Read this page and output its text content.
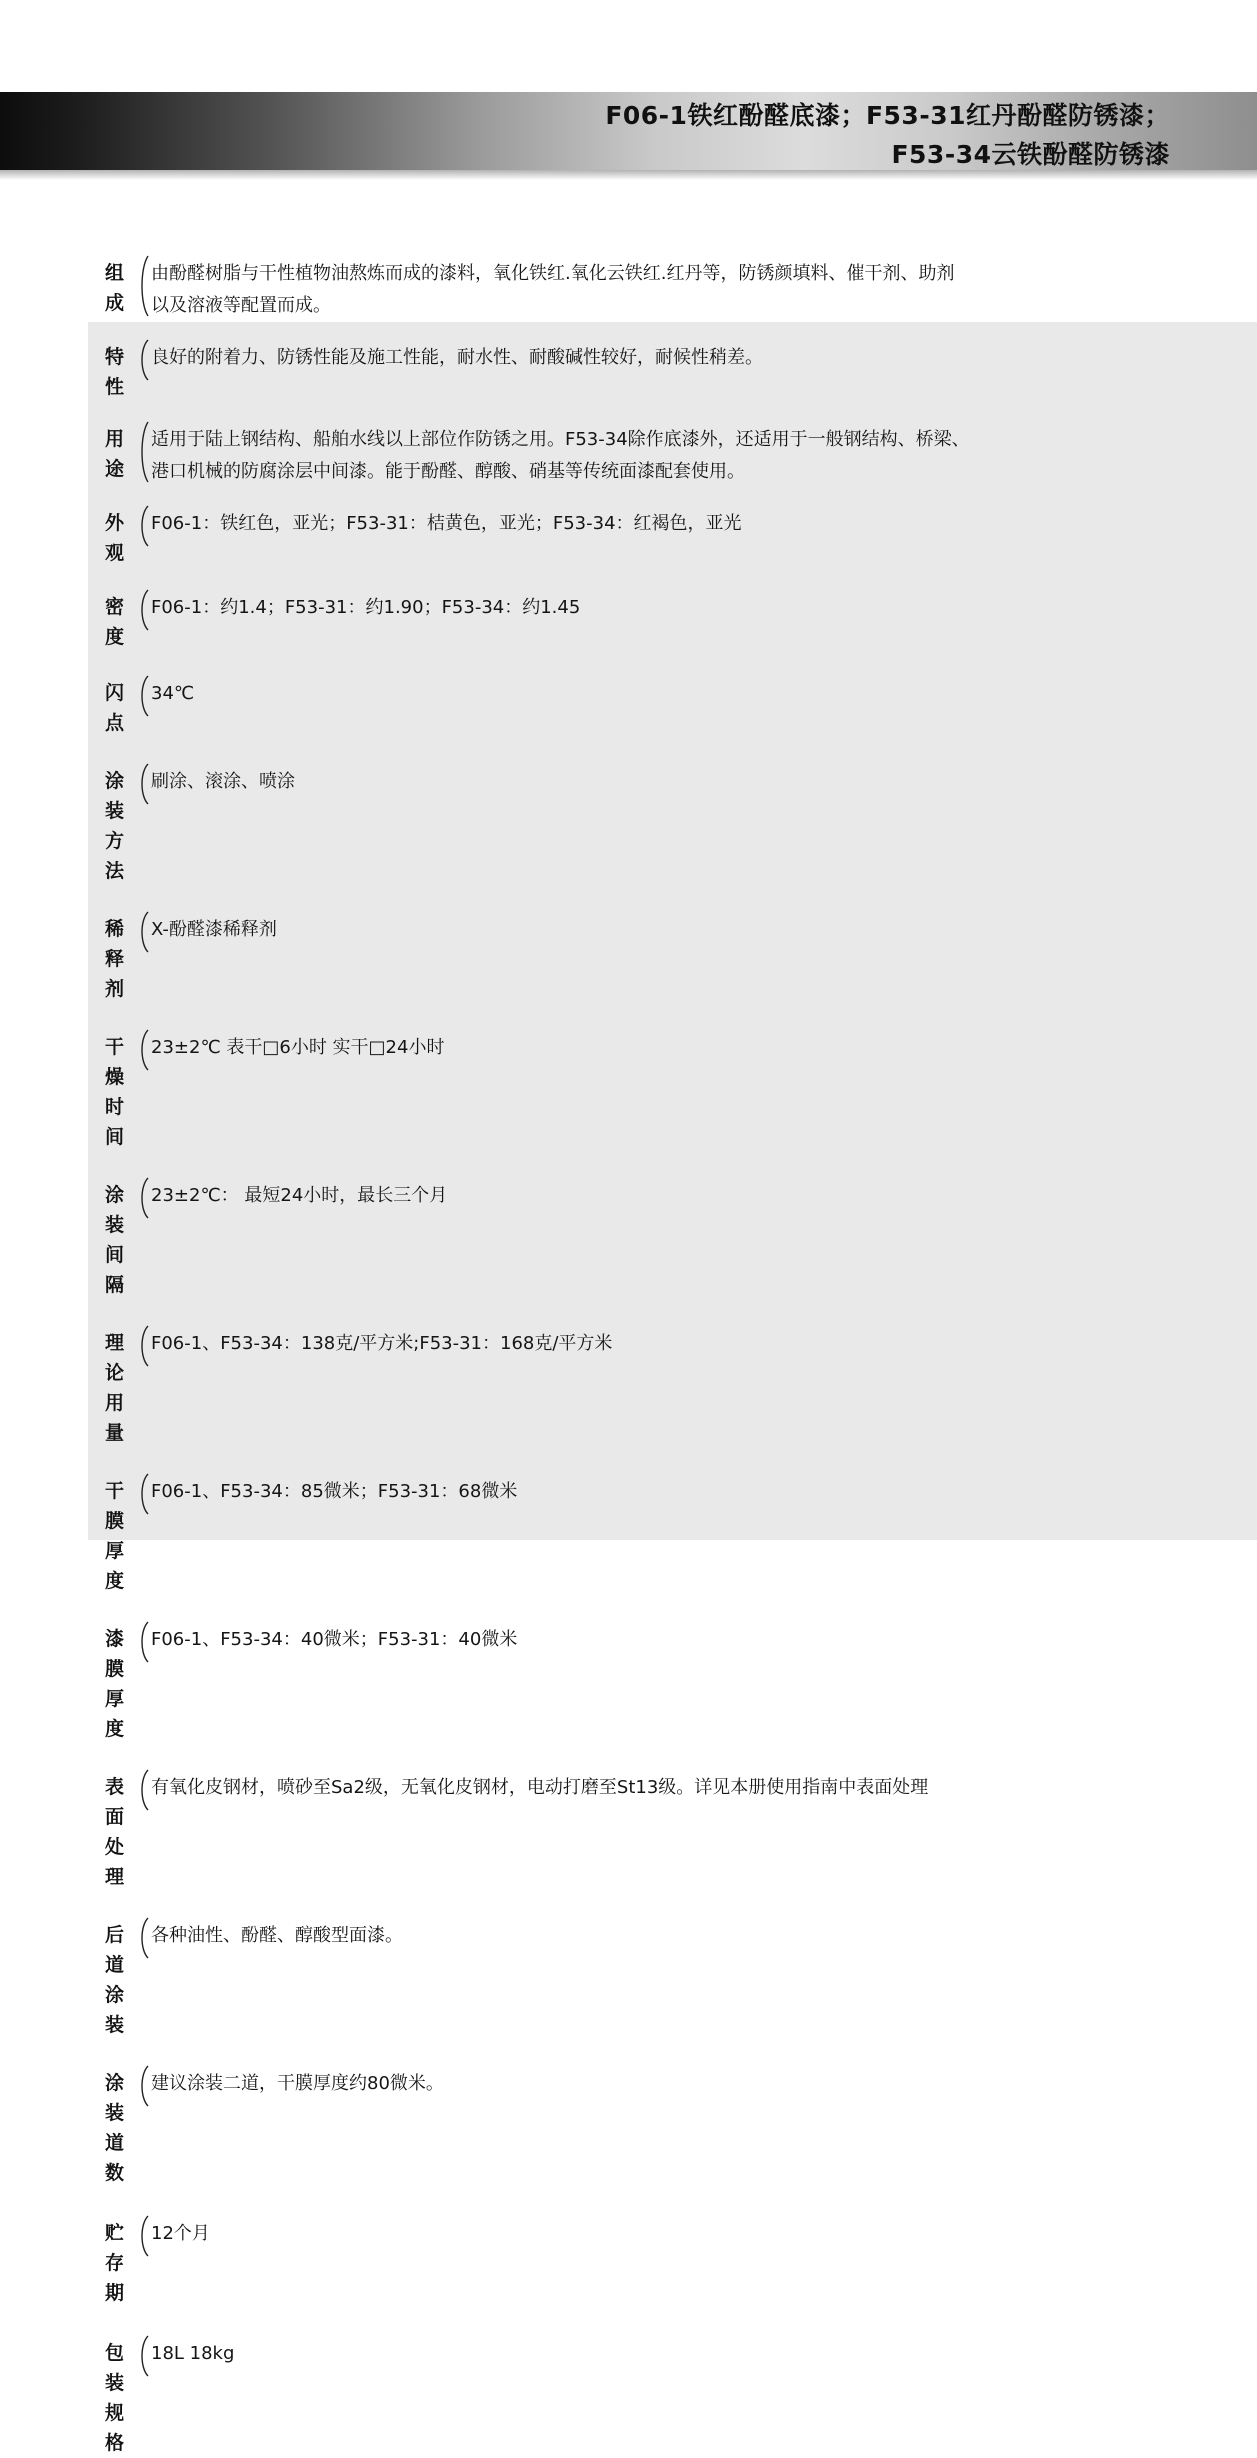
F06-1铁红酚醛底漆；F53-31红丹酚醛防锈漆；
F53-34云铁酚醛防锈漆
组 成
由酚醛树脂与干性植物油熬炼而成的漆料，氧化铁红.氧化云铁红.红丹等，防锈颜填料、催干剂、助剂
以及溶液等配置而成。
特 性
良好的附着力、防锈性能及施工性能，耐水性、耐酸碱性较好，耐候性稍差。
用 途
适用于陆上钢结构、船舶水线以上部位作防锈之用。F53-34除作底漆外，还适用于一般钢结构、桥梁、
港口机械的防腐涂层中间漆。能于酚醛、醇酸、硝基等传统面漆配套使用。
外 观
F06-1：铁红色，亚光；F53-31：桔黄色，亚光；F53-34：红褐色，亚光
密 度
F06-1：约1.4；F53-31：约1.90；F53-34：约1.45
闪 点
34℃
涂装方法
刷涂、滚涂、喷涂
稀 释 剂
X-酚醛漆稀释剂
干燥时间
23±2℃ 表干□6小时 实干□24小时
涂装间隔
23±2℃： 最短24小时，最长三个月
理论用量
F06-1、F53-34：138克/平方米;F53-31：168克/平方米
干膜厚度
F06-1、F53-34：85微米；F53-31：68微米
漆膜厚度
F06-1、F53-34：40微米；F53-31：40微米
表面处理
有氧化皮钢材，喷砂至Sa2级，无氧化皮钢材，电动打磨至St13级。详见本册使用指南中表面处理
后道涂装
各种油性、酚醛、醇酸型面漆。
涂装道数
建议涂装二道，干膜厚度约80微米。
贮 存 期
12个月
包装规格
18L 18kg
